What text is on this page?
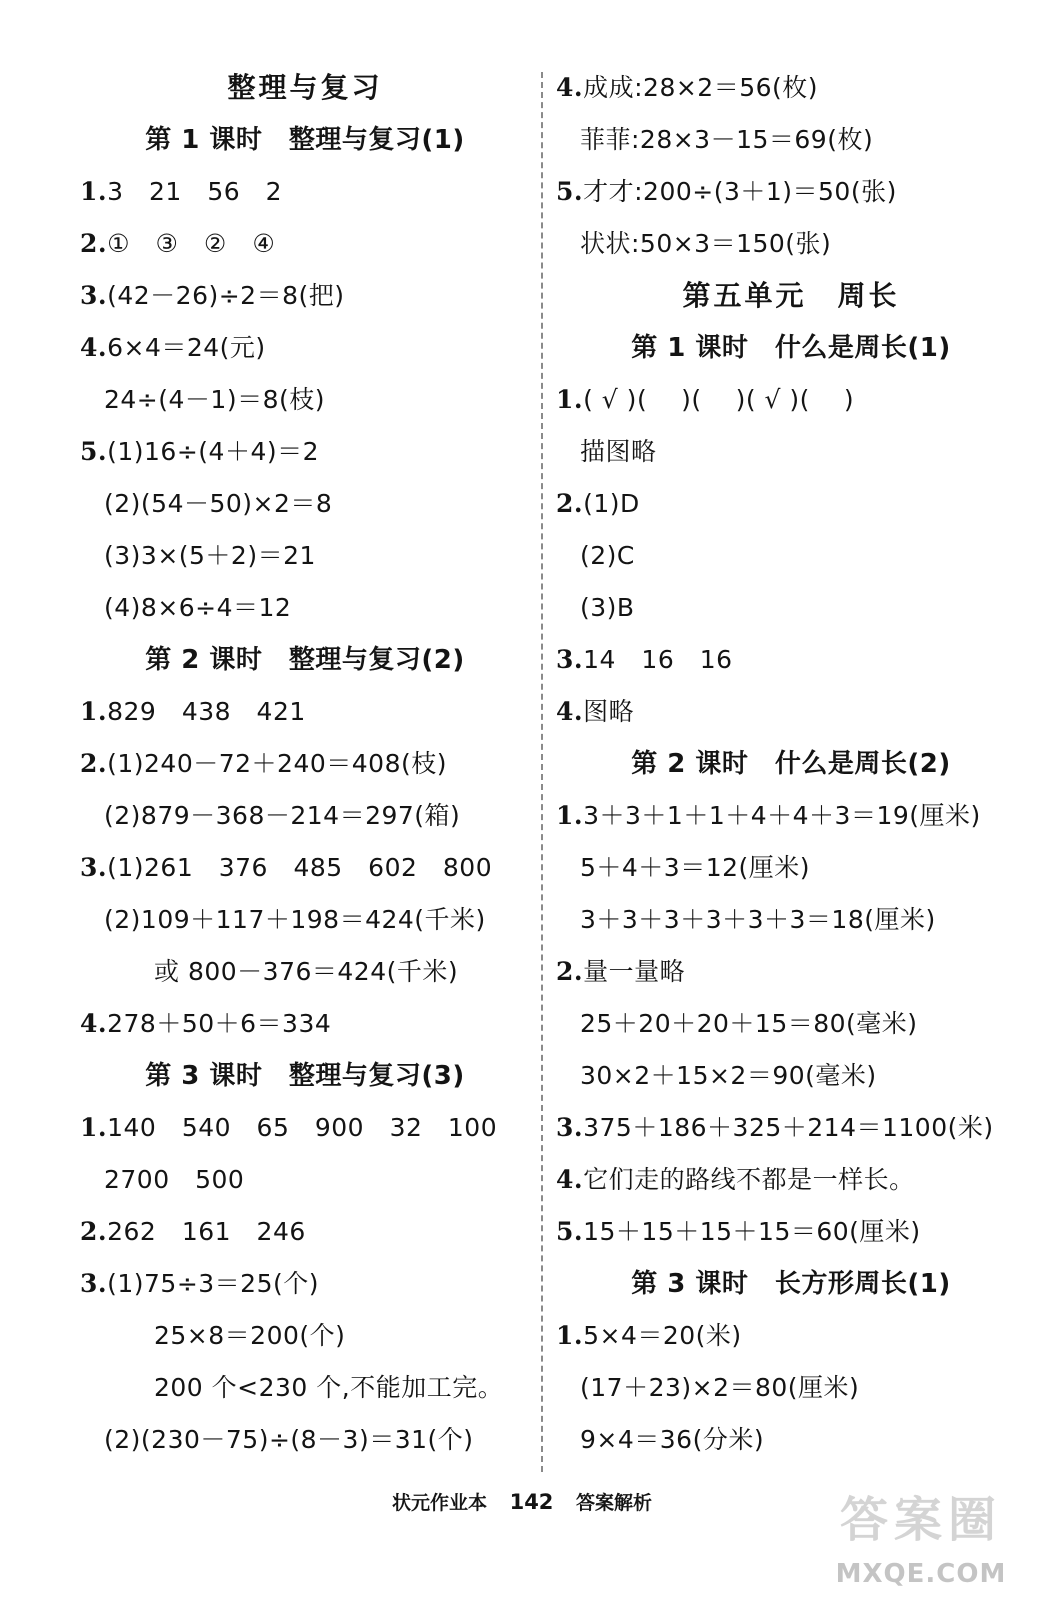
整理与复习
第 1 课时　整理与复习(1)
1.3　21　56　2
2.①　③　②　④
3.(42－26)÷2＝8(把)
4.6×4＝24(元)
24÷(4－1)＝8(枝)
5.(1)16÷(4＋4)＝2
(2)(54－50)×2＝8
(3)3×(5＋2)＝21
(4)8×6÷4＝12
第 2 课时　整理与复习(2)
1.829　438　421
2.(1)240－72＋240＝408(枝)
(2)879－368－214＝297(箱)
3.(1)261　376　485　602　800
(2)109＋117＋198＝424(千米)
或 800－376＝424(千米)
4.278＋50＋6＝334
第 3 课时　整理与复习(3)
1.140　540　65　900　32　100
2700　500
2.262　161　246
3.(1)75÷3＝25(个)
25×8＝200(个)
200 个<230 个,不能加工完。
(2)(230－75)÷(8－3)＝31(个)
4.成成:28×2＝56(枚)
菲菲:28×3－15＝69(枚)
5.才才:200÷(3＋1)＝50(张)
状状:50×3＝150(张)
第五单元　周长
第 1 课时　什么是周长(1)
1.( √ )(　 )(　 )( √ )(　 )
描图略
2.(1)D
(2)C
(3)B
3.14　16　16
4.图略
第 2 课时　什么是周长(2)
1.3＋3＋1＋1＋4＋4＋3＝19(厘米)
5＋4＋3＝12(厘米)
3＋3＋3＋3＋3＋3＝18(厘米)
2.量一量略
25＋20＋20＋15＝80(毫米)
30×2＋15×2＝90(毫米)
3.375＋186＋325＋214＝1100(米)
4.它们走的路线不都是一样长。
5.15＋15＋15＋15＝60(厘米)
第 3 课时　长方形周长(1)
1.5×4＝20(米)
(17＋23)×2＝80(厘米)
9×4＝36(分米)
状元作业本 142 答案解析	答案圈
MXQE.COM
